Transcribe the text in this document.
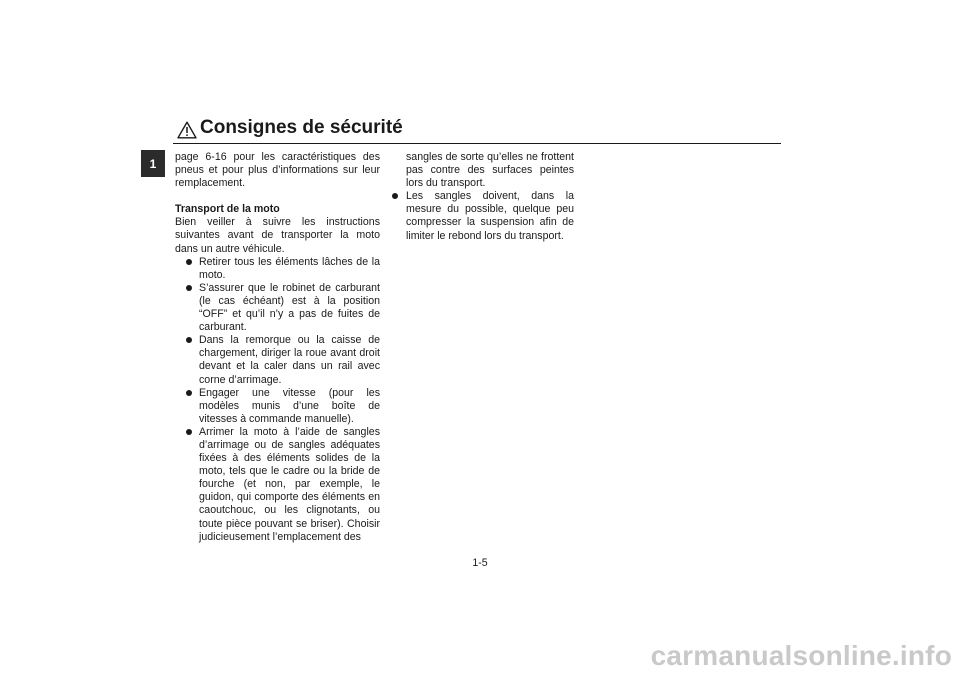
Consignes de sécurité
1	page 6-16 pour les caractéristiques des pneus et pour plus d’informations sur leur remplacement.

Transport de la moto

Bien veiller à suivre les instructions suivantes avant de transporter la moto dans un autre véhicule.

Retirer tous les éléments lâches de la moto.
S’assurer que le robinet de carburant (le cas échéant) est à la position “OFF” et qu’il n’y a pas de fuites de carburant.
Dans la remorque ou la caisse de chargement, diriger la roue avant droit devant et la caler dans un rail avec corne d’arrimage.
Engager une vitesse (pour les modèles munis d’une boîte de vitesses à commande manuelle).
Arrimer la moto à l’aide de sangles d’arrimage ou de sangles adéquates fixées à des éléments solides de la moto, tels que le cadre ou la bride de fourche (et non, par exemple, le guidon, qui comporte des éléments en caoutchouc, ou les clignotants, ou toute pièce pouvant se briser). Choisir judicieusement l’emplacement des

sangles de sorte qu’elles ne frottent pas contre des surfaces peintes lors du transport.

Les sangles doivent, dans la mesure du possible, quelque peu compresser la suspension afin de limiter le rebond lors du transport.
1-5
carmanualsonline.info
